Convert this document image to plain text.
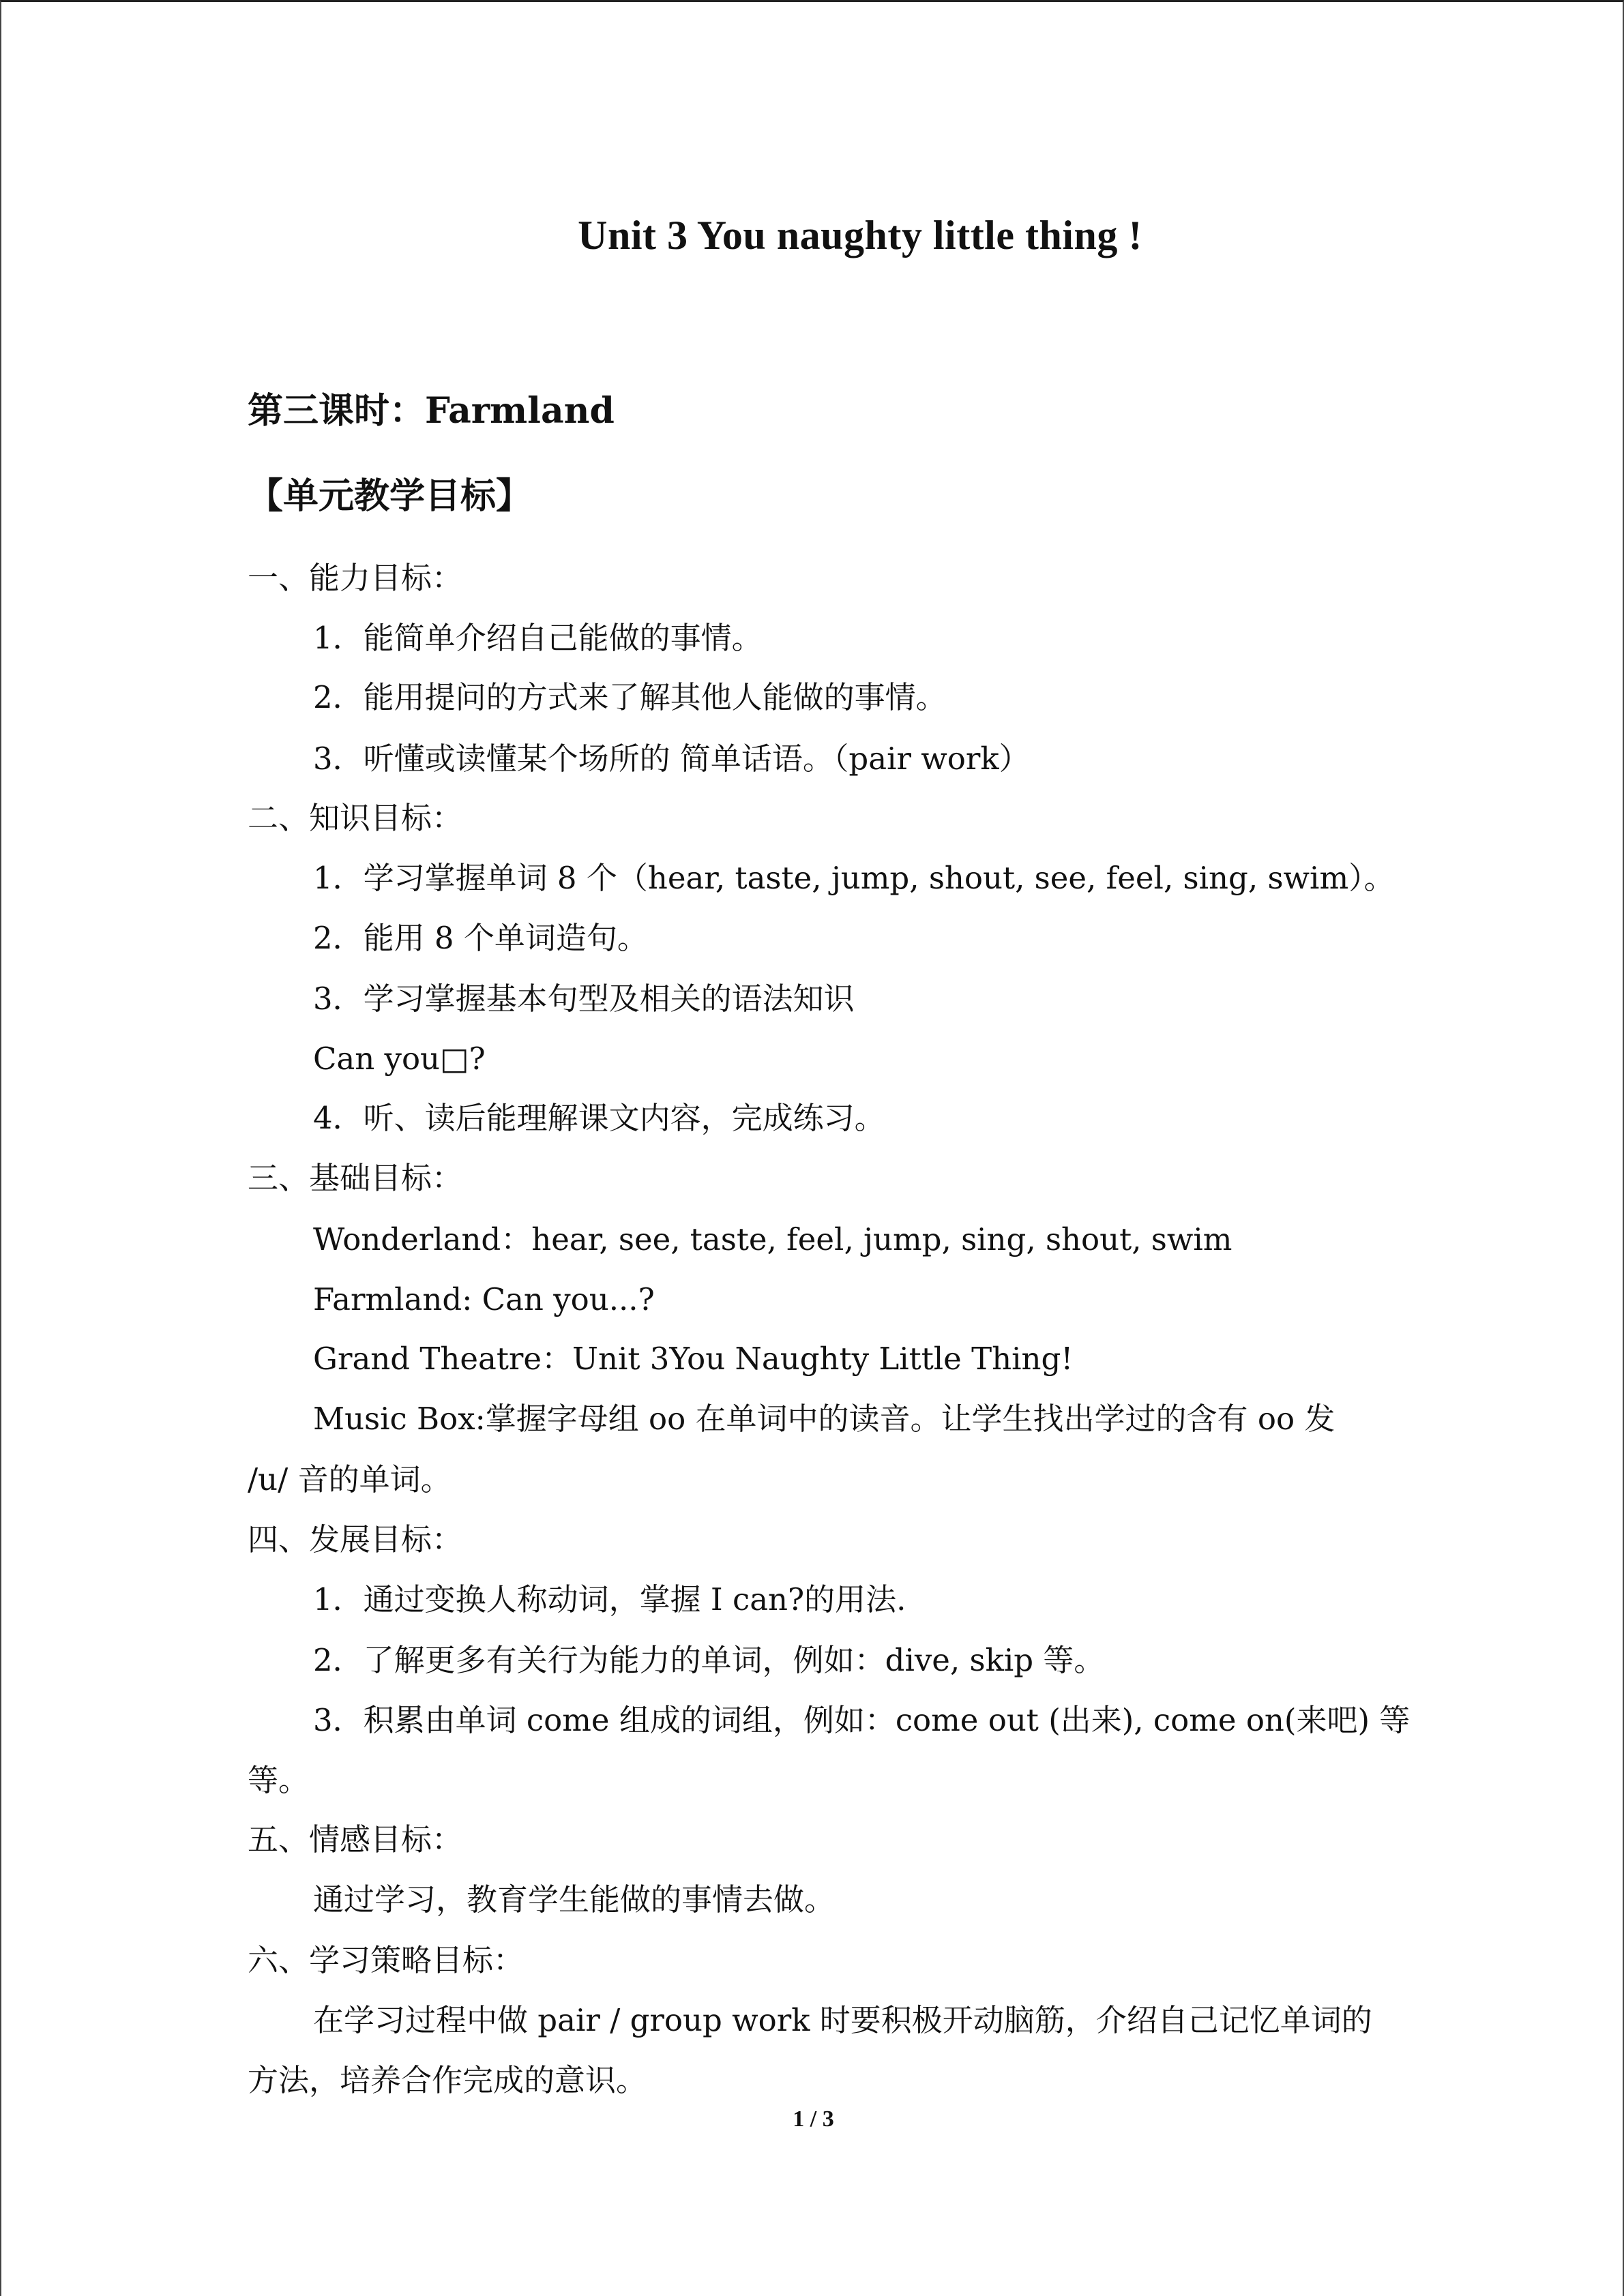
Unit 3 You naughty little thing !
第三课时：Farmland
【单元教学目标】
一、能力目标：
1．能简单介绍自己能做的事情。
2．能用提问的方式来了解其他人能做的事情。
3．听懂或读懂某个场所的 简单话语。（pair work）
二、知识目标：
1．学习掌握单词 8 个（hear, taste, jump, shout, see, feel, sing, swim）。
2．能用 8 个单词造句。
3．学习掌握基本句型及相关的语法知识
Can you□?
4．听、读后能理解课文内容，完成练习。
三、基础目标：
Wonderland：hear, see, taste, feel, jump, sing, shout, swim
Farmland: Can you...?
Grand Theatre：Unit 3You Naughty Little Thing!
Music Box:掌握字母组 oo 在单词中的读音。让学生找出学过的含有 oo 发
/u/ 音的单词。
四、发展目标：
1．通过变换人称动词，掌握 I can?的用法.
2．了解更多有关行为能力的单词，例如：dive, skip 等。
3．积累由单词 come 组成的词组，例如：come out (出来), come on(来吧) 等
等。
五、情感目标：
通过学习，教育学生能做的事情去做。
六、学习策略目标：
在学习过程中做 pair / group work 时要积极开动脑筋，介绍自己记忆单词的
方法，培养合作完成的意识。
1 / 3
